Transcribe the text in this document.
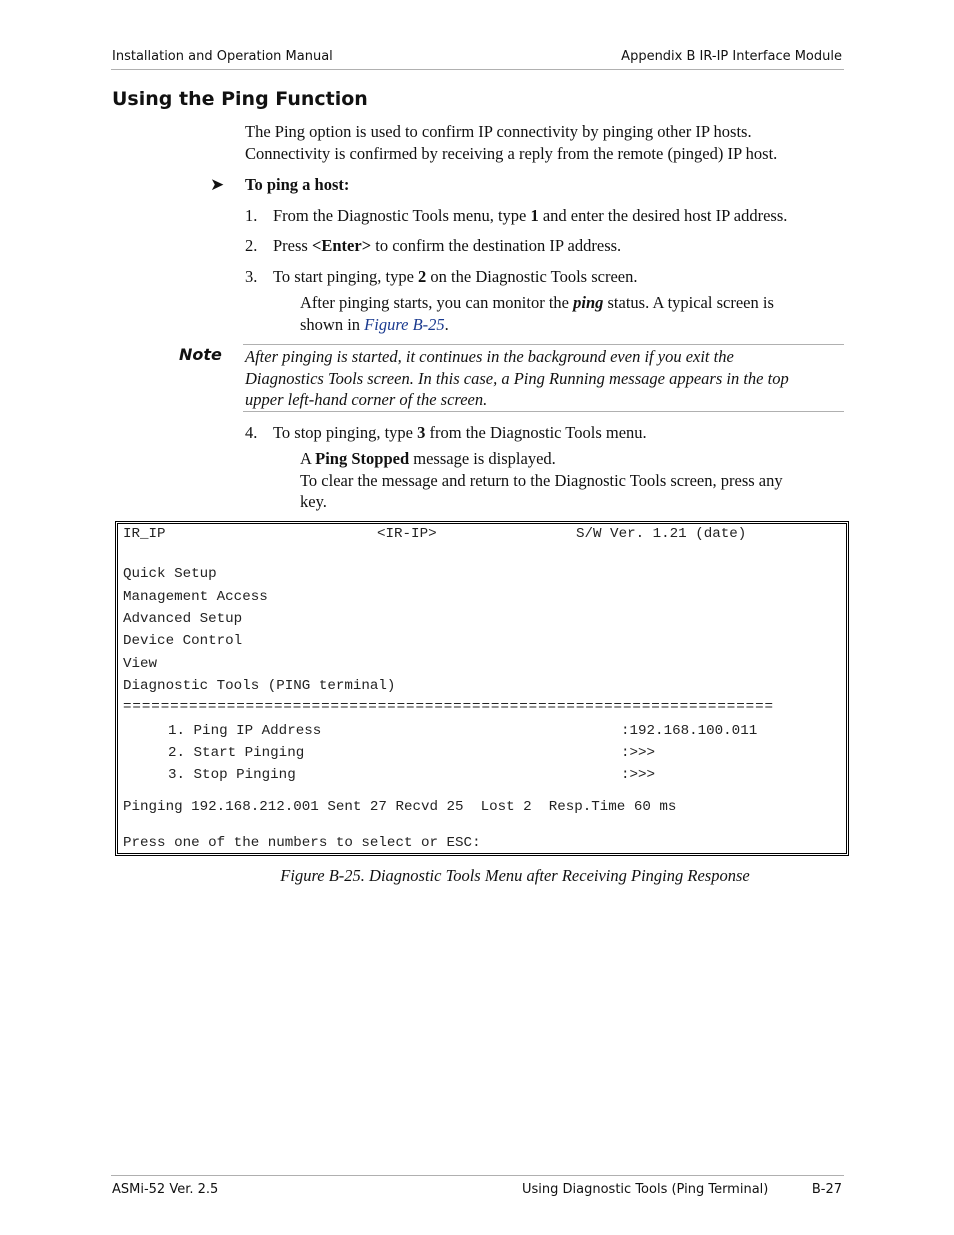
Installation and Operation Manual	Appendix B IR-IP Interface Module
Using the Ping Function
The Ping option is used to confirm IP connectivity by pinging other IP hosts.
Connectivity is confirmed by receiving a reply from the remote (pinged) IP host.
➤ To ping a host:
1. From the Diagnostic Tools menu, type 1 and enter the desired host IP address.
2. Press <Enter> to confirm the destination IP address.
3. To start pinging, type 2 on the Diagnostic Tools screen.
After pinging starts, you can monitor the ping status. A typical screen is
shown in Figure B-25.
Note After pinging is started, it continues in the background even if you exit the
Diagnostics Tools screen. In this case, a Ping Running message appears in the top
upper left-hand corner of the screen.
4. To stop pinging, type 3 from the Diagnostic Tools menu.
A Ping Stopped message is displayed.
To clear the message and return to the Diagnostic Tools screen, press any
key.
IR_IP	<IR-IP>	S/W Ver. 1.21 (date)
Quick Setup
Management Access
Advanced Setup
Device Control
View
Diagnostic Tools (PING terminal)
=====================================================================
1. Ping IP Address	:192.168.100.011
2. Start Pinging	:>>>
3. Stop Pinging	:>>>
Pinging 192.168.212.001 Sent 27 Recvd 25  Lost 2  Resp.Time 60 ms
Press one of the numbers to select or ESC:
Figure B-25. Diagnostic Tools Menu after Receiving Pinging Response
ASMi-52 Ver. 2.5	Using Diagnostic Tools (Ping Terminal)	B-27
